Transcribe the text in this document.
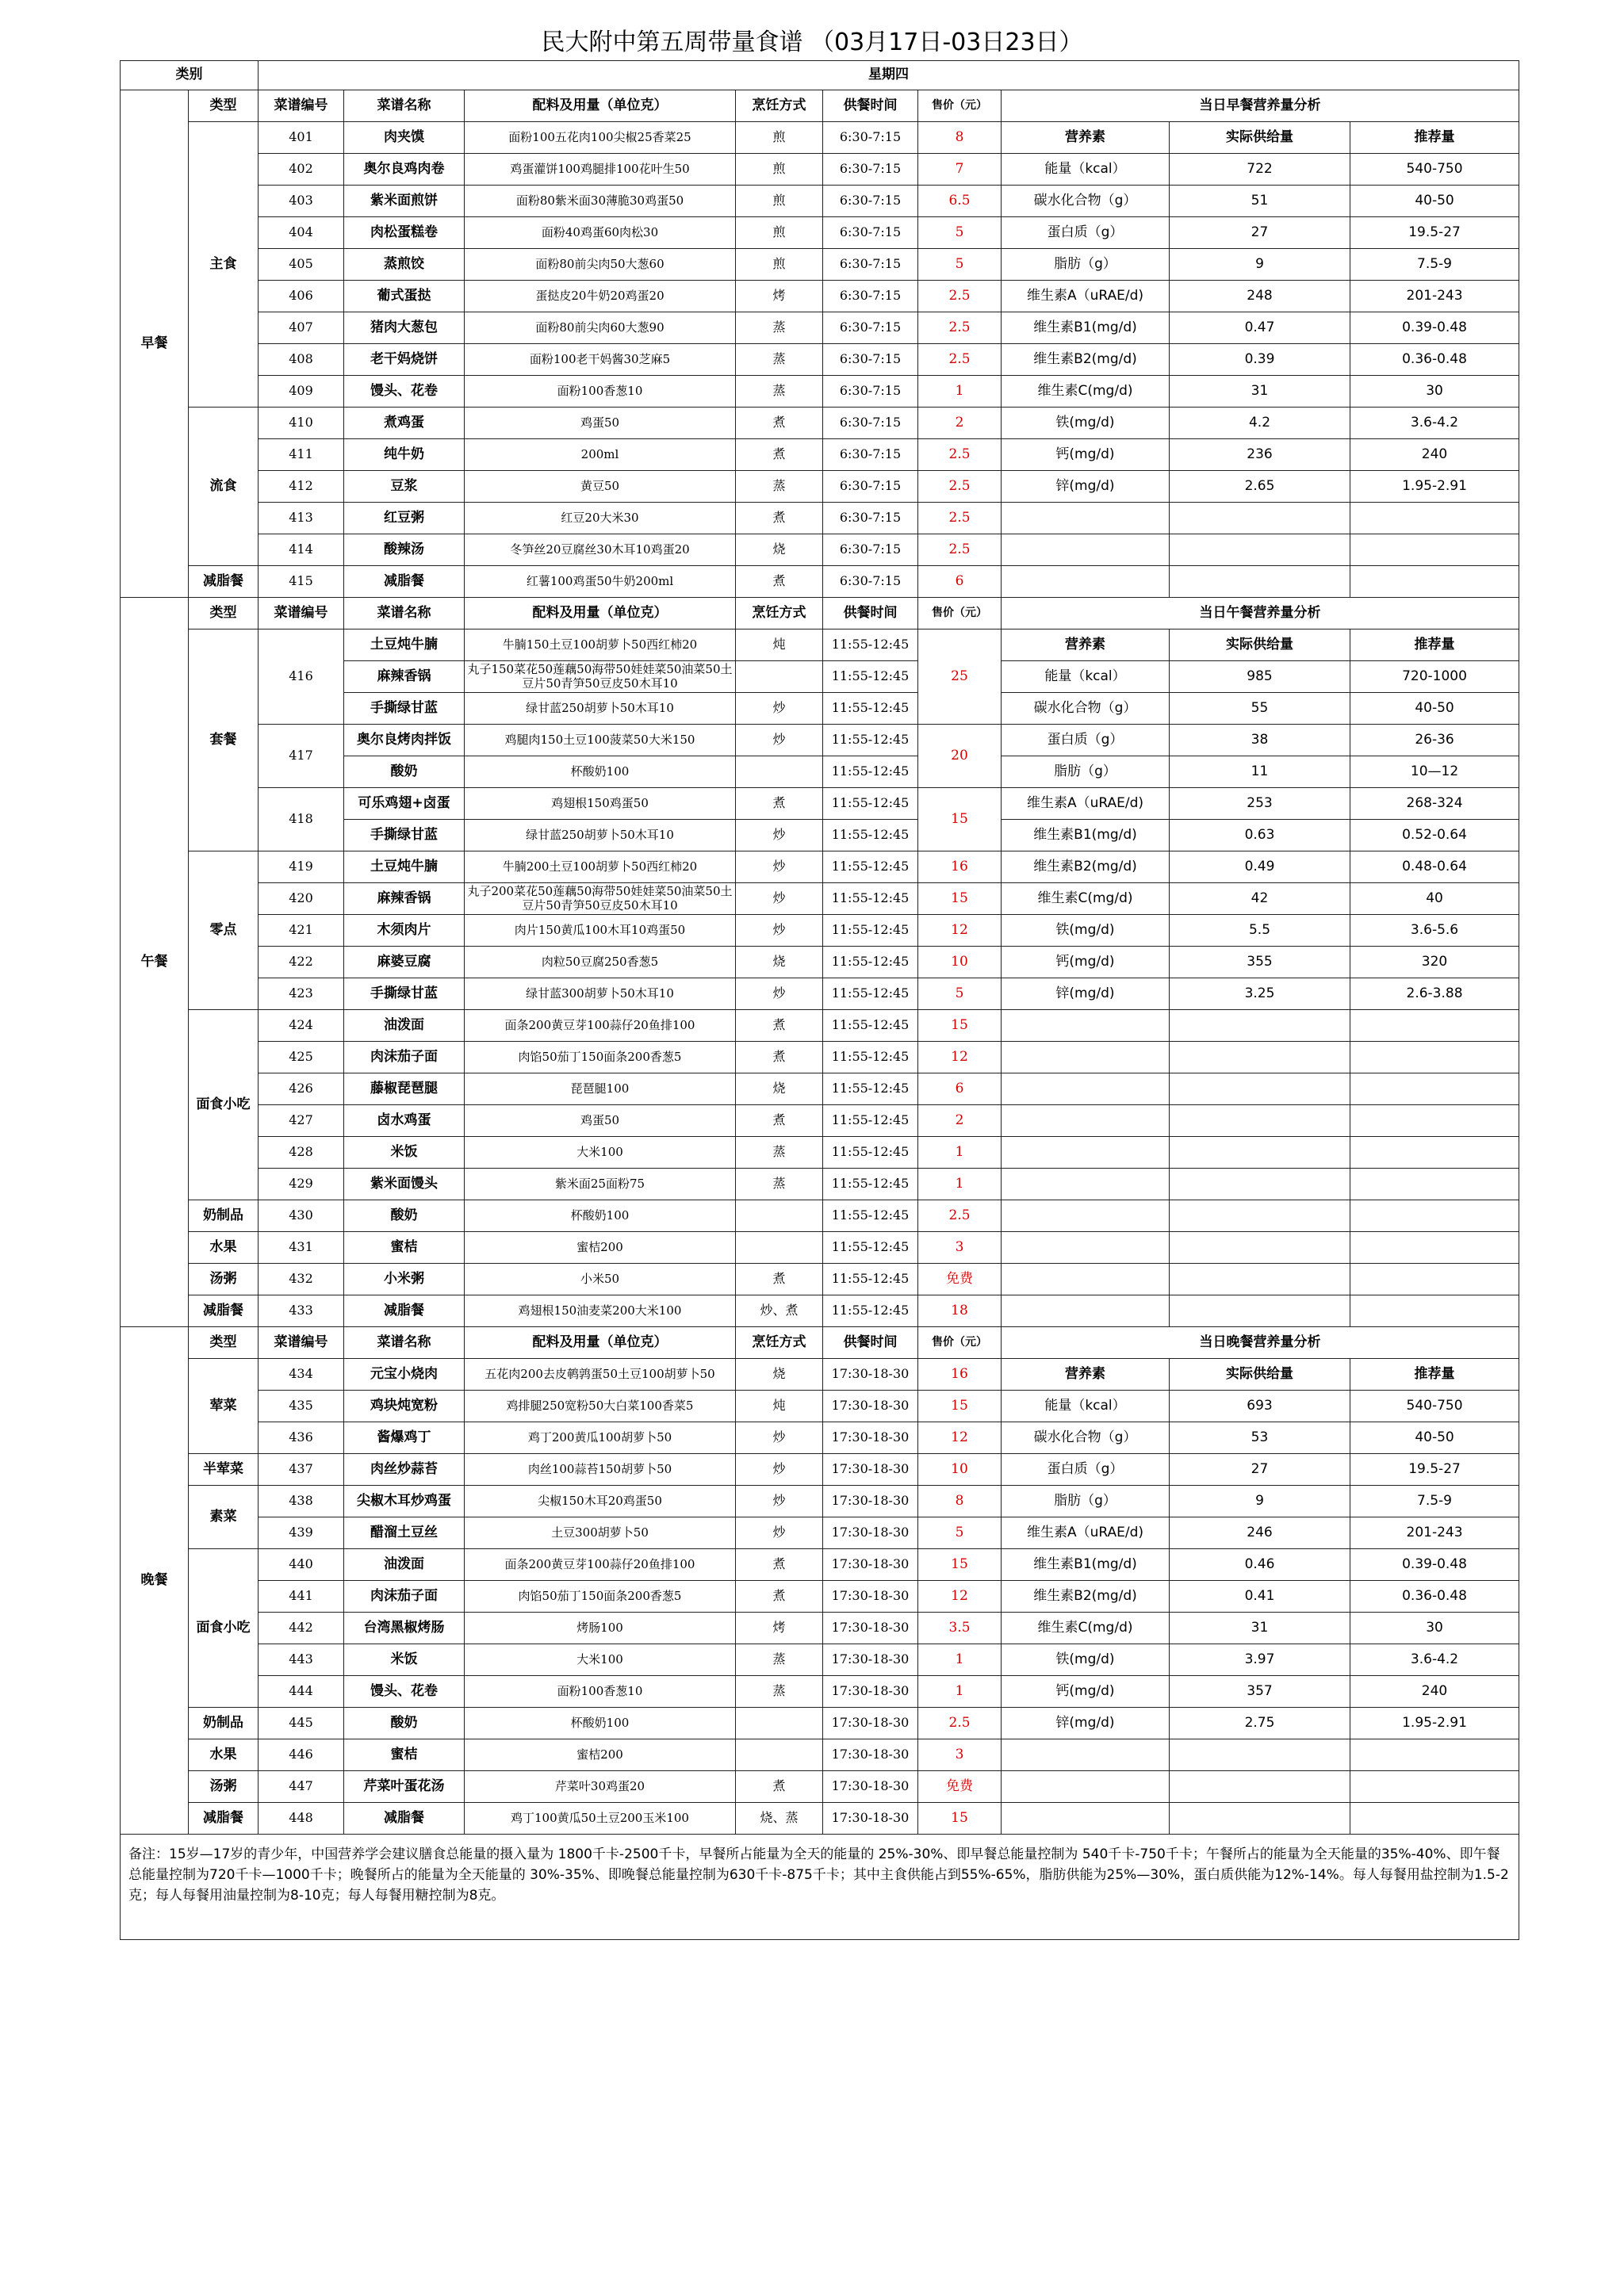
民大附中第五周带量食谱 （03月17日-03日23日）
类别		星期四								
早餐	类型	菜谱编号	菜谱名称	配料及用量（单位克）	烹饪方式	供餐时间	售价（元）	当日早餐营养量分析		
	主食	401	肉夹馍	面粉100五花肉100尖椒25香菜25	煎	6:30-7:15	8	营养素	实际供给量	推荐量
		402	奥尔良鸡肉卷	鸡蛋灌饼100鸡腿排100花叶生50	煎	6:30-7:15	7	能量（kcal）	722	540-750
		403	紫米面煎饼	面粉80紫米面30薄脆30鸡蛋50	煎	6:30-7:15	6.5	碳水化合物（g）	51	40-50
		404	肉松蛋糕卷	面粉40鸡蛋60肉松30	煎	6:30-7:15	5	蛋白质（g）	27	19.5-27
		405	蒸煎饺	面粉80前尖肉50大葱60	煎	6:30-7:15	5	脂肪（g）	9	7.5-9
		406	葡式蛋挞	蛋挞皮20牛奶20鸡蛋20	烤	6:30-7:15	2.5	维生素A（uRAE/d)	248	201-243
		407	猪肉大葱包	面粉80前尖肉60大葱90	蒸	6:30-7:15	2.5	维生素B1(mg/d)	0.47	0.39-0.48
		408	老干妈烧饼	面粉100老干妈酱30芝麻5	蒸	6:30-7:15	2.5	维生素B2(mg/d)	0.39	0.36-0.48
		409	馒头、花卷	面粉100香葱10	蒸	6:30-7:15	1	维生素C(mg/d)	31	30
	流食	410	煮鸡蛋	鸡蛋50	煮	6:30-7:15	2	铁(mg/d)	4.2	3.6-4.2
		411	纯牛奶	200ml	煮	6:30-7:15	2.5	钙(mg/d)	236	240
		412	豆浆	黄豆50	蒸	6:30-7:15	2.5	锌(mg/d)	2.65	1.95-2.91
		413	红豆粥	红豆20大米30	煮	6:30-7:15	2.5			
		414	酸辣汤	冬笋丝20豆腐丝30木耳10鸡蛋20	烧	6:30-7:15	2.5			
	减脂餐	415	减脂餐	红薯100鸡蛋50牛奶200ml	煮	6:30-7:15	6			
午餐	类型	菜谱编号	菜谱名称	配料及用量（单位克）	烹饪方式	供餐时间	售价（元）	当日午餐营养量分析		
	套餐	416	土豆炖牛腩	牛腩150土豆100胡萝卜50西红柿20	炖	11:55-12:45	25	营养素	实际供给量	推荐量
			麻辣香锅	丸子150菜花50莲藕50海带50娃娃菜50油菜50土豆片50青笋50豆皮50木耳10		11:55-12:45		能量（kcal）	985	720-1000
			手撕绿甘蓝	绿甘蓝250胡萝卜50木耳10	炒	11:55-12:45		碳水化合物（g）	55	40-50
		417	奥尔良烤肉拌饭	鸡腿肉150土豆100菠菜50大米150	炒	11:55-12:45	20	蛋白质（g）	38	26-36
			酸奶	杯酸奶100		11:55-12:45		脂肪（g）	11	10—12
		418	可乐鸡翅+卤蛋	鸡翅根150鸡蛋50	煮	11:55-12:45	15	维生素A（uRAE/d)	253	268-324
			手撕绿甘蓝	绿甘蓝250胡萝卜50木耳10	炒	11:55-12:45		维生素B1(mg/d)	0.63	0.52-0.64
	零点	419	土豆炖牛腩	牛腩200土豆100胡萝卜50西红柿20	炒	11:55-12:45	16	维生素B2(mg/d)	0.49	0.48-0.64
		420	麻辣香锅	丸子200菜花50莲藕50海带50娃娃菜50油菜50土豆片50青笋50豆皮50木耳10	炒	11:55-12:45	15	维生素C(mg/d)	42	40
		421	木须肉片	肉片150黄瓜100木耳10鸡蛋50	炒	11:55-12:45	12	铁(mg/d)	5.5	3.6-5.6
		422	麻婆豆腐	肉粒50豆腐250香葱5	烧	11:55-12:45	10	钙(mg/d)	355	320
		423	手撕绿甘蓝	绿甘蓝300胡萝卜50木耳10	炒	11:55-12:45	5	锌(mg/d)	3.25	2.6-3.88
	面食小吃	424	油泼面	面条200黄豆芽100蒜仔20鱼排100	煮	11:55-12:45	15			
		425	肉沫茄子面	肉馅50茄丁150面条200香葱5	煮	11:55-12:45	12			
		426	藤椒琵琶腿	琵琶腿100	烧	11:55-12:45	6			
		427	卤水鸡蛋	鸡蛋50	煮	11:55-12:45	2			
		428	米饭	大米100	蒸	11:55-12:45	1			
		429	紫米面馒头	紫米面25面粉75	蒸	11:55-12:45	1			
	奶制品	430	酸奶	杯酸奶100		11:55-12:45	2.5			
	水果	431	蜜桔	蜜桔200		11:55-12:45	3			
	汤粥	432	小米粥	小米50	煮	11:55-12:45	免费			
	减脂餐	433	减脂餐	鸡翅根150油麦菜200大米100	炒、煮	11:55-12:45	18			
晚餐	类型	菜谱编号	菜谱名称	配料及用量（单位克）	烹饪方式	供餐时间	售价（元）	当日晚餐营养量分析		
	荤菜	434	元宝小烧肉	五花肉200去皮鹌鹑蛋50土豆100胡萝卜50	烧	17:30-18-30	16	营养素	实际供给量	推荐量
		435	鸡块炖宽粉	鸡排腿250宽粉50大白菜100香菜5	炖	17:30-18-30	15	能量（kcal）	693	540-750
		436	酱爆鸡丁	鸡丁200黄瓜100胡萝卜50	炒	17:30-18-30	12	碳水化合物（g）	53	40-50
	半荤菜	437	肉丝炒蒜苔	肉丝100蒜苔150胡萝卜50	炒	17:30-18-30	10	蛋白质（g）	27	19.5-27
	素菜	438	尖椒木耳炒鸡蛋	尖椒150木耳20鸡蛋50	炒	17:30-18-30	8	脂肪（g）	9	7.5-9
		439	醋溜土豆丝	土豆300胡萝卜50	炒	17:30-18-30	5	维生素A（uRAE/d)	246	201-243
	面食小吃	440	油泼面	面条200黄豆芽100蒜仔20鱼排100	煮	17:30-18-30	15	维生素B1(mg/d)	0.46	0.39-0.48
		441	肉沫茄子面	肉馅50茄丁150面条200香葱5	煮	17:30-18-30	12	维生素B2(mg/d)	0.41	0.36-0.48
		442	台湾黑椒烤肠	烤肠100	烤	17:30-18-30	3.5	维生素C(mg/d)	31	30
		443	米饭	大米100	蒸	17:30-18-30	1	铁(mg/d)	3.97	3.6-4.2
		444	馒头、花卷	面粉100香葱10	蒸	17:30-18-30	1	钙(mg/d)	357	240
	奶制品	445	酸奶	杯酸奶100		17:30-18-30	2.5	锌(mg/d)	2.75	1.95-2.91
	水果	446	蜜桔	蜜桔200		17:30-18-30	3			
	汤粥	447	芹菜叶蛋花汤	芹菜叶30鸡蛋20	煮	17:30-18-30	免费			
	减脂餐	448	减脂餐	鸡丁100黄瓜50土豆200玉米100	烧、蒸	17:30-18-30	15			
备注：15岁—17岁的青少年，中国营养学会建议膳食总能量的摄入量为 1800千卡-2500千卡，早餐所占能量为全天的能量的 25%-30%、即早餐总能量控制为 540千卡-750千卡；午餐所占的能量为全天能量的35%-40%、即午餐总能量控制为720千卡—1000千卡；晚餐所占的能量为全天能量的 30%-35%、即晚餐总能量控制为630千卡-875千卡；其中主食供能占到55%-65%，脂肪供能为25%—30%，蛋白质供能为12%-14%。每人每餐用盐控制为1.5-2克；每人每餐用油量控制为8-10克；每人每餐用糖控制为8克。										
